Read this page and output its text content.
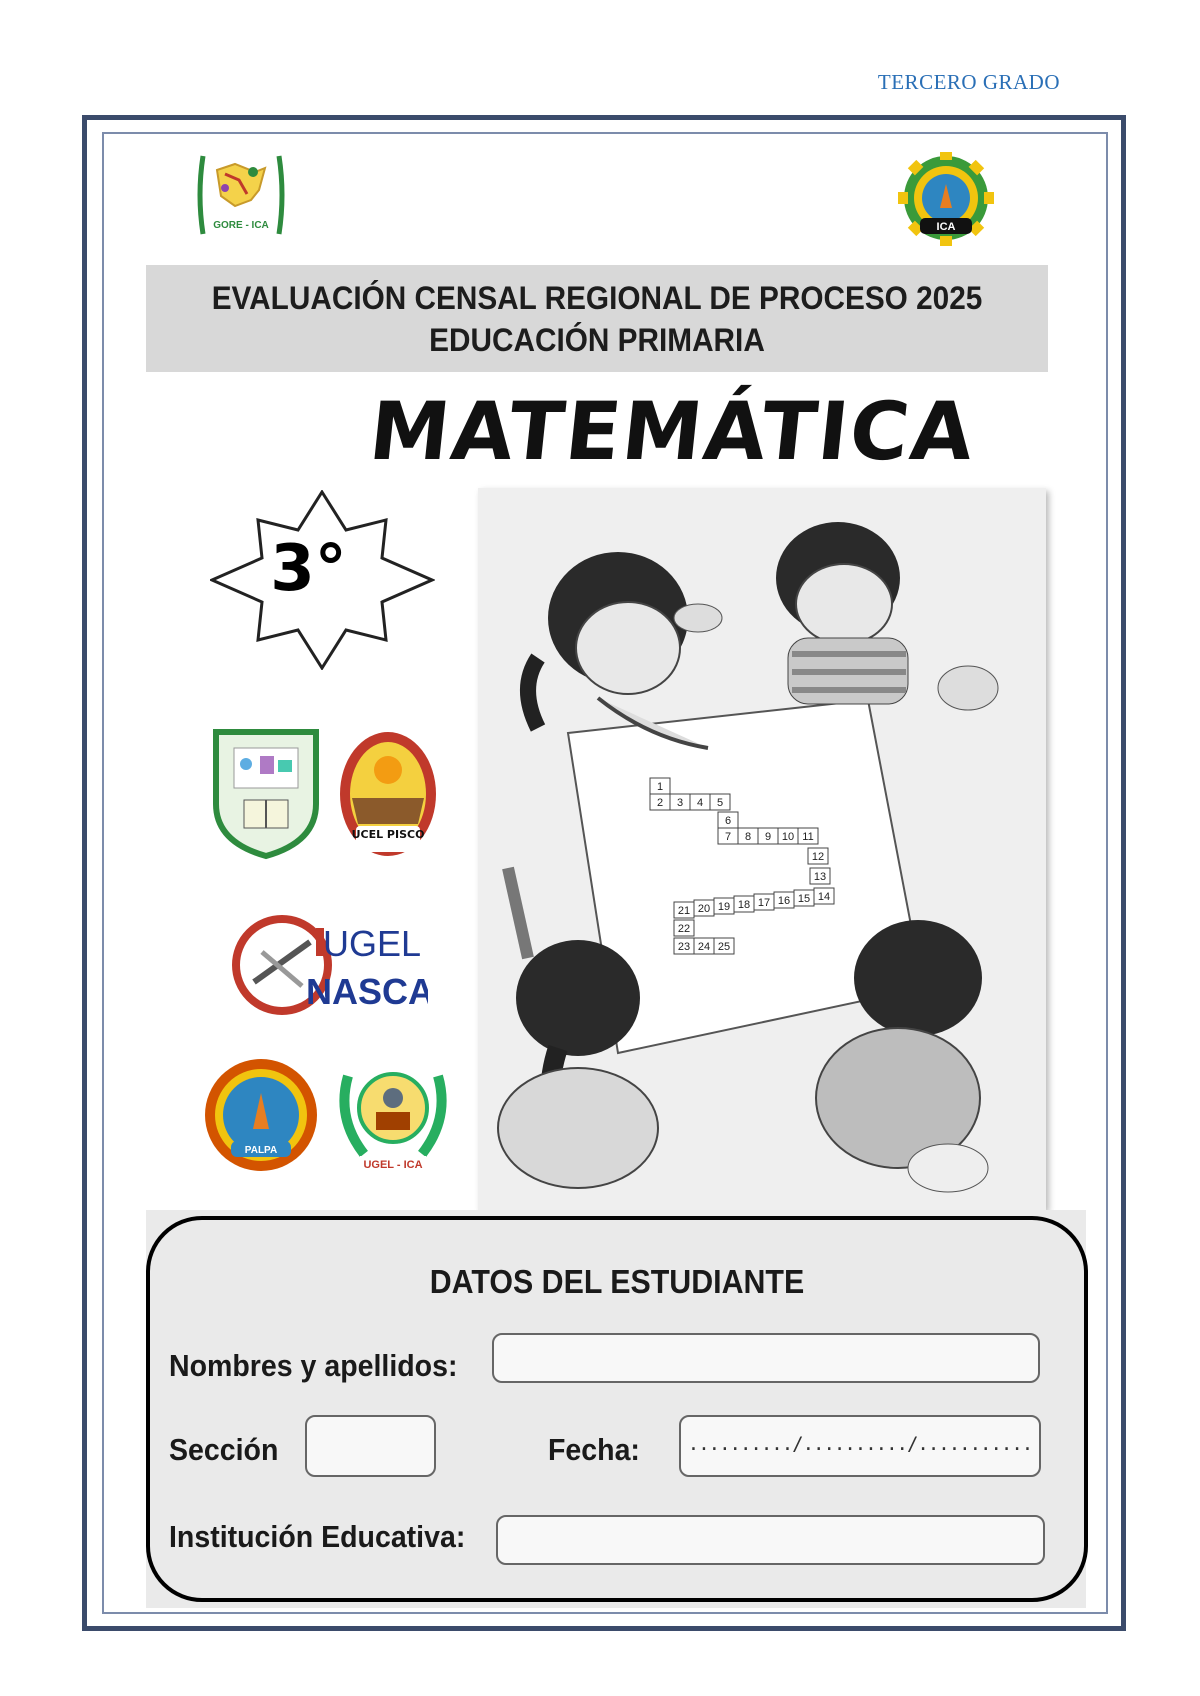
TERCERO GRADO
GORE - ICA	ICA
EVALUACIÓN CENSAL REGIONAL DE PROCESO 2025
EDUCACIÓN PRIMARIA
MATEMÁTICA
3°
UCEL PISCO
UGEL
NASCA
PALPA
UGEL - ICA
1
2 3 4 5
6
7 8 9 10 11
12
13
14
15
16
17
18
19
20
21
22
23 24 25
DATOS DEL ESTUDIANTE
Nombres y apellidos:
Sección	Fecha:	........../........../...........
Institución Educativa:
